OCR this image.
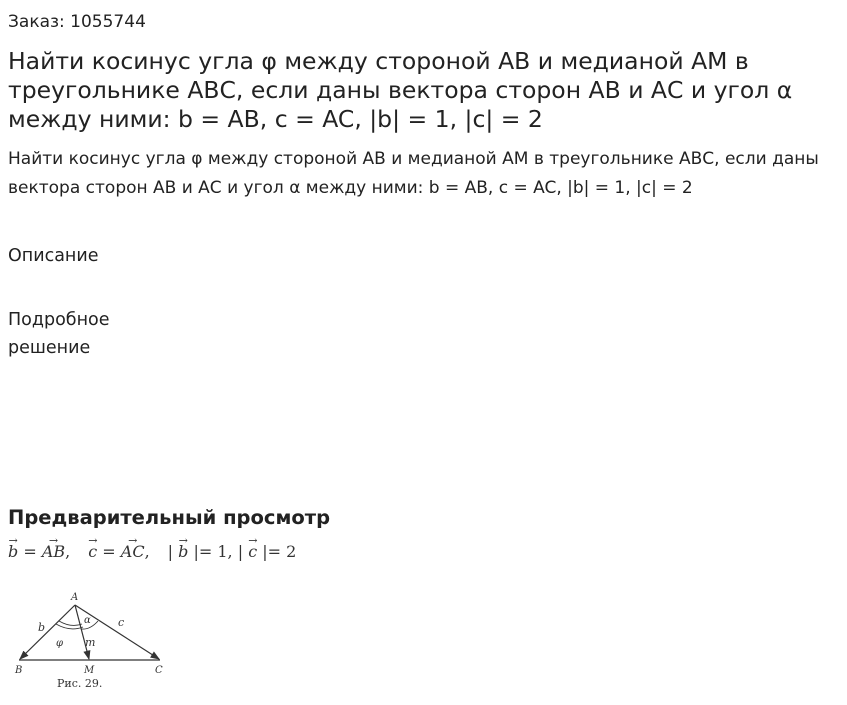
Заказ: 1055744
Найти косинус угла φ между стороной АВ и медианой АМ в треугольнике АВС, если даны вектора сторон АВ и АС и угол α между ними: b = AB, c = AC, |b| = 1, |c| = 2
Найти косинус угла φ между стороной АВ и медианой АМ в треугольнике АВС, если даны вектора сторон АВ и АС и угол α между ними: b = AB, c = AC, |b| = 1, |c| = 2
Описание
Подробное решение
Предварительный просмотр
→ b = → AB,→ c = → AC, | → b |= 1, | → c |= 2
A
B	M	C
b	c
m
φ
α
Рис. 29.
